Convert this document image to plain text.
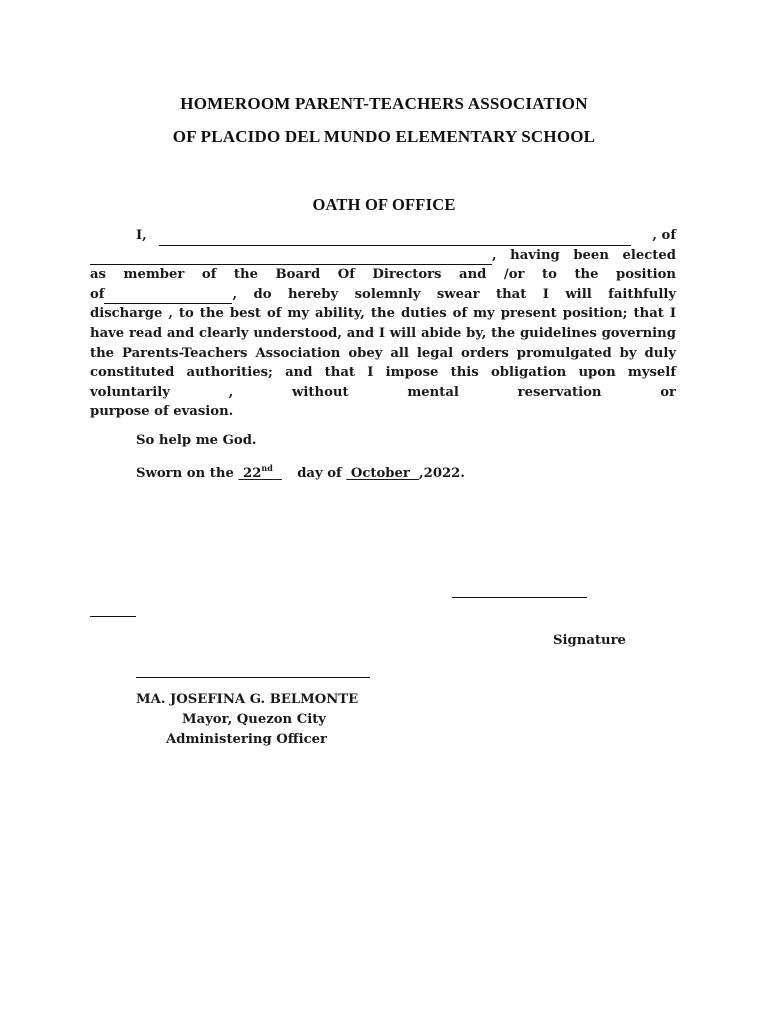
HOMEROOM PARENT-TEACHERS ASSOCIATION
OF PLACIDO DEL MUNDO ELEMENTARY SCHOOL
OATH OF OFFICE
I,	, of
, having been elected
as member of the Board Of Directors and /or to the position
of	, do hereby solemnly swear that I will faithfully
discharge , to the best of my ability, the duties of my present position; that I have read and clearly understood, and I will abide by, the guidelines governing the Parents-Teachers Association obey all legal orders promulgated by duly constituted authorities; and that I impose this obligation upon myself voluntarily , without mental reservation or
purpose of evasion.
So help me God.
Sworn on the 22nd day of October ,2022.
Signature
MA. JOSEFINA G. BELMONTE
Mayor, Quezon City
Administering Officer
